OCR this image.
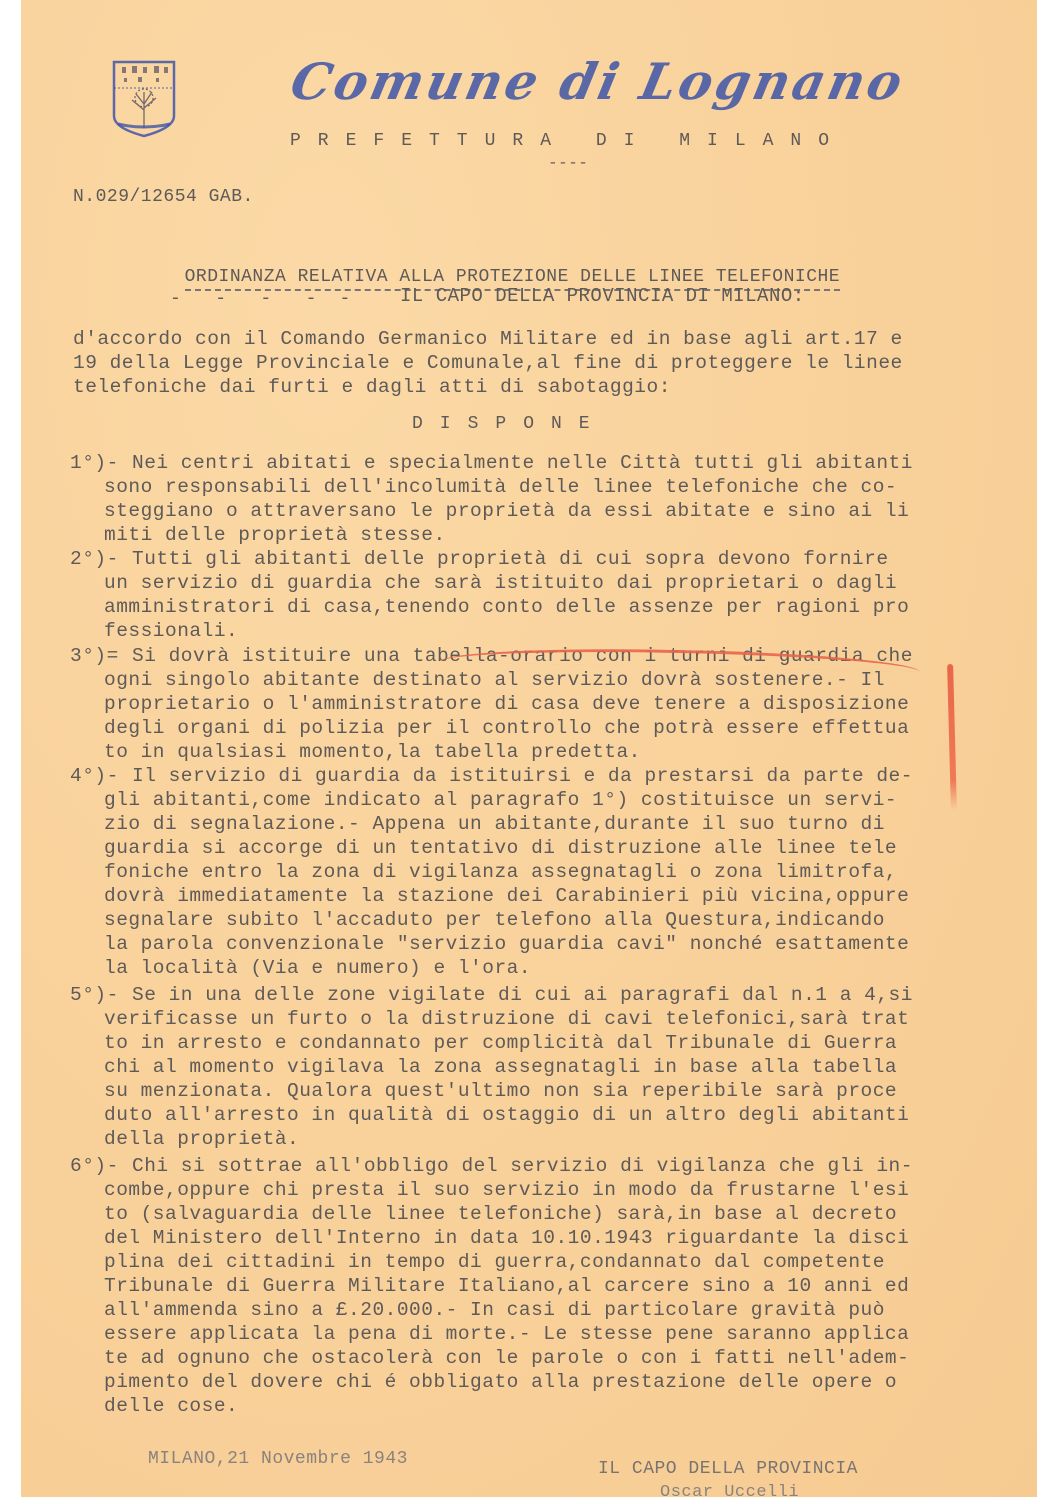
Comune di Lognano
PREFETTURA DI MILANO
----
N.029/12654 GAB.

ORDINANZA RELATIVA ALLA PROTEZIONE DELLE LINEE TELEFONICHE

-   -   -   -  -	IL CAPO DELLA PROVINCIA DI MILANO:
d'accordo con il Comando Germanico Militare ed in base agli art.17 e
19 della Legge Provinciale e Comunale,al fine di proteggere le linee
telefoniche dai furti e dagli atti di sabotaggio:
DISPONE
1°)- Nei centri abitati e specialmente nelle Città tutti gli abitanti
sono responsabili dell'incolumità delle linee telefoniche che co-
steggiano o attraversano le proprietà da essi abitate e sino ai li
miti delle proprietà stesse.
2°)- Tutti gli abitanti delle proprietà di cui sopra devono fornire
un servizio di guardia che sarà istituito dai proprietari o dagli
amministratori di casa,tenendo conto delle assenze per ragioni pro
fessionali.
3°)= Si dovrà istituire una tabella-orario con i turni di guardia che
ogni singolo abitante destinato al servizio dovrà sostenere.- Il
proprietario o l'amministratore di casa deve tenere a disposizione
degli organi di polizia per il controllo che potrà essere effettua
to in qualsiasi momento,la tabella predetta.
4°)- Il servizio di guardia da istituirsi e da prestarsi da parte de-
gli abitanti,come indicato al paragrafo 1°) costituisce un servi-
zio di segnalazione.- Appena un abitante,durante il suo turno di
guardia si accorge di un tentativo di distruzione alle linee tele
foniche entro la zona di vigilanza assegnatagli o zona limitrofa,
dovrà immediatamente la stazione dei Carabinieri più vicina,oppure
segnalare subito l'accaduto per telefono alla Questura,indicando
la parola convenzionale "servizio guardia cavi" nonché esattamente
la località (Via e numero) e l'ora.
5°)- Se in una delle zone vigilate di cui ai paragrafi dal n.1 a 4,si
verificasse un furto o la distruzione di cavi telefonici,sarà trat
to in arresto e condannato per complicità dal Tribunale di Guerra
chi al momento vigilava la zona assegnatagli in base alla tabella
su menzionata. Qualora quest'ultimo non sia reperibile sarà proce
duto all'arresto in qualità di ostaggio di un altro degli abitanti
della proprietà.
6°)- Chi si sottrae all'obbligo del servizio di vigilanza che gli in-
combe,oppure chi presta il suo servizio in modo da frustarne l'esi
to (salvaguardia delle linee telefoniche) sarà,in base al decreto
del Ministero dell'Interno in data 10.10.1943 riguardante la disci
plina dei cittadini in tempo di guerra,condannato dal competente
Tribunale di Guerra Militare Italiano,al carcere sino a 10 anni ed
all'ammenda sino a £.20.000.- In casi di particolare gravità può
essere applicata la pena di morte.- Le stesse pene saranno applica
te ad ognuno che ostacolerà con le parole o con i fatti nell'adem-
pimento del dovere chi é obbligato alla prestazione delle opere o
delle cose.
MILANO,21 Novembre 1943	IL CAPO DELLA PROVINCIA
Oscar Uccelli
